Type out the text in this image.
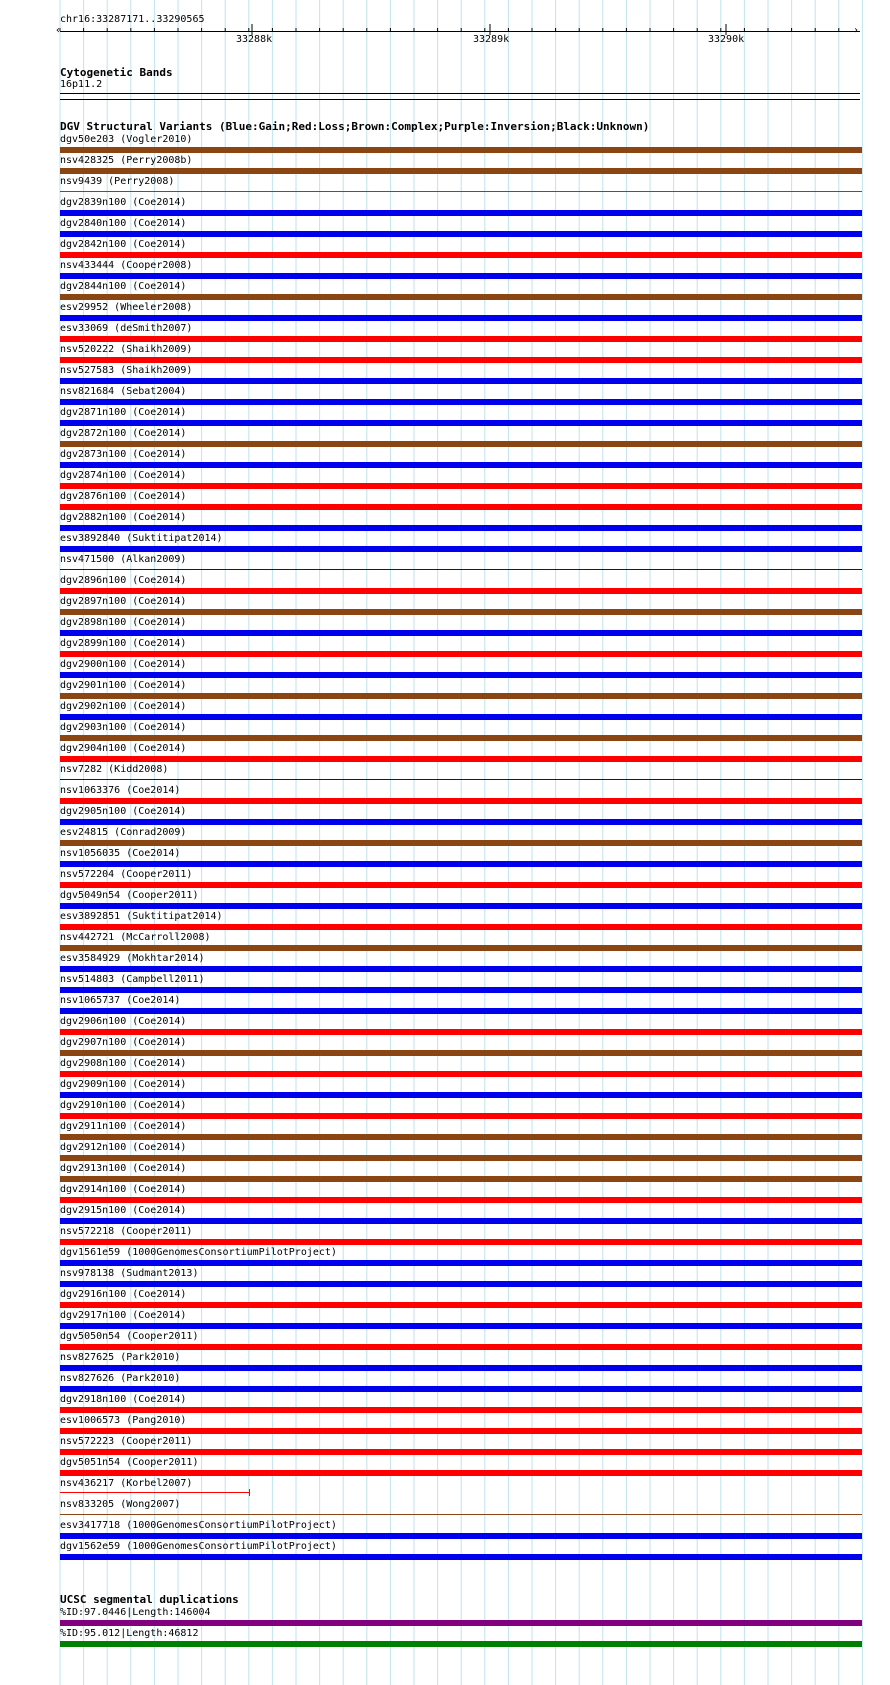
chr16:33287171..33290565
‹	›
33288k	33289k	33290k
Cytogenetic Bands
16p11.2
DGV Structural Variants (Blue:Gain;Red:Loss;Brown:Complex;Purple:Inversion;Black:Unknown)
dgv50e203 (Vogler2010)
nsv428325 (Perry2008b)
nsv9439 (Perry2008)
dgv2839n100 (Coe2014)
dgv2840n100 (Coe2014)
dgv2842n100 (Coe2014)
nsv433444 (Cooper2008)
dgv2844n100 (Coe2014)
esv29952 (Wheeler2008)
esv33069 (deSmith2007)
nsv520222 (Shaikh2009)
nsv527583 (Shaikh2009)
nsv821684 (Sebat2004)
dgv2871n100 (Coe2014)
dgv2872n100 (Coe2014)
dgv2873n100 (Coe2014)
dgv2874n100 (Coe2014)
dgv2876n100 (Coe2014)
dgv2882n100 (Coe2014)
esv3892840 (Suktitipat2014)
nsv471500 (Alkan2009)
dgv2896n100 (Coe2014)
dgv2897n100 (Coe2014)
dgv2898n100 (Coe2014)
dgv2899n100 (Coe2014)
dgv2900n100 (Coe2014)
dgv2901n100 (Coe2014)
dgv2902n100 (Coe2014)
dgv2903n100 (Coe2014)
dgv2904n100 (Coe2014)
nsv7282 (Kidd2008)
nsv1063376 (Coe2014)
dgv2905n100 (Coe2014)
esv24815 (Conrad2009)
nsv1056035 (Coe2014)
nsv572204 (Cooper2011)
dgv5049n54 (Cooper2011)
esv3892851 (Suktitipat2014)
nsv442721 (McCarroll2008)
esv3584929 (Mokhtar2014)
nsv514803 (Campbell2011)
nsv1065737 (Coe2014)
dgv2906n100 (Coe2014)
dgv2907n100 (Coe2014)
dgv2908n100 (Coe2014)
dgv2909n100 (Coe2014)
dgv2910n100 (Coe2014)
dgv2911n100 (Coe2014)
dgv2912n100 (Coe2014)
dgv2913n100 (Coe2014)
dgv2914n100 (Coe2014)
dgv2915n100 (Coe2014)
nsv572218 (Cooper2011)
dgv1561e59 (1000GenomesConsortiumPilotProject)
nsv978138 (Sudmant2013)
dgv2916n100 (Coe2014)
dgv2917n100 (Coe2014)
dgv5050n54 (Cooper2011)
nsv827625 (Park2010)
nsv827626 (Park2010)
dgv2918n100 (Coe2014)
esv1006573 (Pang2010)
nsv572223 (Cooper2011)
dgv5051n54 (Cooper2011)
nsv436217 (Korbel2007)
nsv833205 (Wong2007)
esv3417718 (1000GenomesConsortiumPilotProject)
dgv1562e59 (1000GenomesConsortiumPilotProject)
UCSC segmental duplications
%ID:97.0446|Length:146004
%ID:95.012|Length:46812
